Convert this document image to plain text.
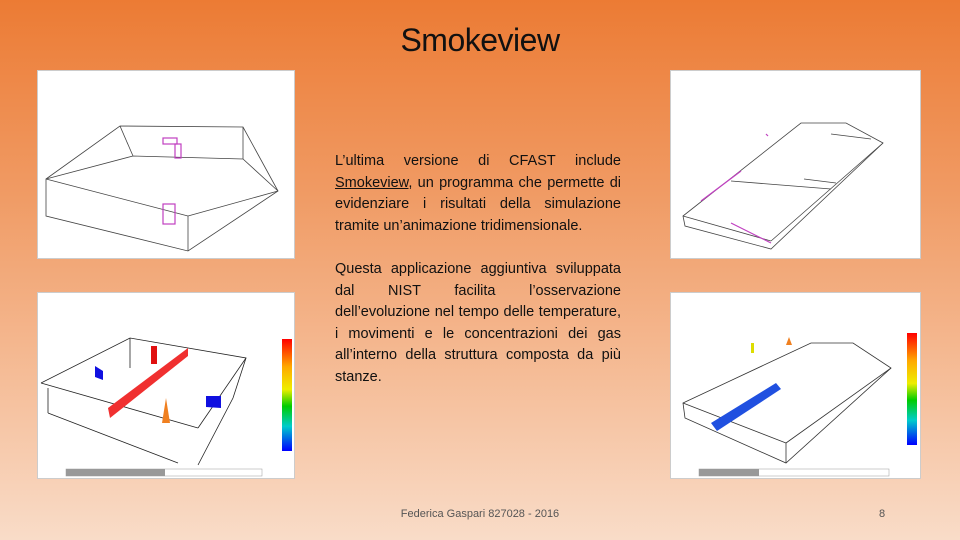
Smokeview

L’ultima versione di CFAST include Smokeview, un programma che permette di evidenziare i risultati della simulazione tramite un’animazione tridimensionale.

Questa applicazione aggiuntiva sviluppata dal NIST facilita l’osservazione dell’evoluzione nel tempo delle temperature, i movimenti e le concentrazioni dei gas all’interno della struttura composta da più stanze.

Federica Gaspari 827028 - 2016	8
